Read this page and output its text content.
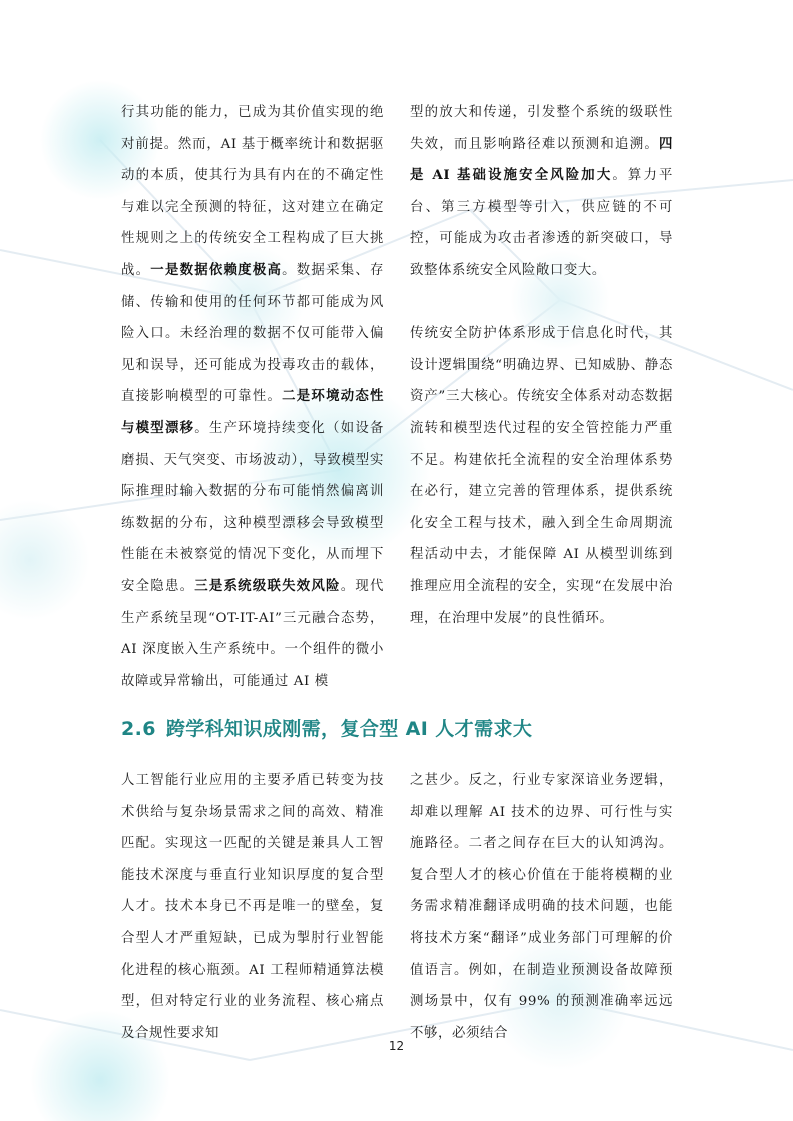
行其功能的能力，已成为其价值实现的绝对前提。然而，AI 基于概率统计和数据驱动的本质，使其行为具有内在的不确定性与难以完全预测的特征，这对建立在确定性规则之上的传统安全工程构成了巨大挑战。一是数据依赖度极高。数据采集、存储、传输和使用的任何环节都可能成为风险入口。未经治理的数据不仅可能带入偏见和误导，还可能成为投毒攻击的载体，直接影响模型的可靠性。二是环境动态性与模型漂移。生产环境持续变化（如设备磨损、天气突变、市场波动），导致模型实际推理时输入数据的分布可能悄然偏离训练数据的分布，这种模型漂移会导致模型性能在未被察觉的情况下变化，从而埋下安全隐患。三是系统级联失效风险。现代生产系统呈现“OT-IT-AI”三元融合态势，AI 深度嵌入生产系统中。一个组件的微小故障或异常输出，可能通过 AI 模

型的放大和传递，引发整个系统的级联性失效，而且影响路径难以预测和追溯。四是 AI 基础设施安全风险加大。算力平台、第三方模型等引入，供应链的不可控，可能成为攻击者渗透的新突破口，导致整体系统安全风险敞口变大。

传统安全防护体系形成于信息化时代，其设计逻辑围绕“明确边界、已知威胁、静态资产”三大核心。传统安全体系对动态数据流转和模型迭代过程的安全管控能力严重不足。构建依托全流程的安全治理体系势在必行，建立完善的管理体系，提供系统化安全工程与技术，融入到全生命周期流程活动中去，才能保障 AI 从模型训练到推理应用全流程的安全，实现“在发展中治理，在治理中发展”的良性循环。

2.6 跨学科知识成刚需，复合型 AI 人才需求大

人工智能行业应用的主要矛盾已转变为技术供给与复杂场景需求之间的高效、精准匹配。实现这一匹配的关键是兼具人工智能技术深度与垂直行业知识厚度的复合型人才。技术本身已不再是唯一的壁垒，复合型人才严重短缺，已成为掣肘行业智能化进程的核心瓶颈。AI 工程师精通算法模型，但对特定行业的业务流程、核心痛点及合规性要求知

之甚少。反之，行业专家深谙业务逻辑，却难以理解 AI 技术的边界、可行性与实施路径。二者之间存在巨大的认知鸿沟。复合型人才的核心价值在于能将模糊的业务需求精准翻译成明确的技术问题，也能将技术方案“翻译”成业务部门可理解的价值语言。例如，在制造业预测设备故障预测场景中，仅有 99% 的预测准确率远远不够，必须结合

12
